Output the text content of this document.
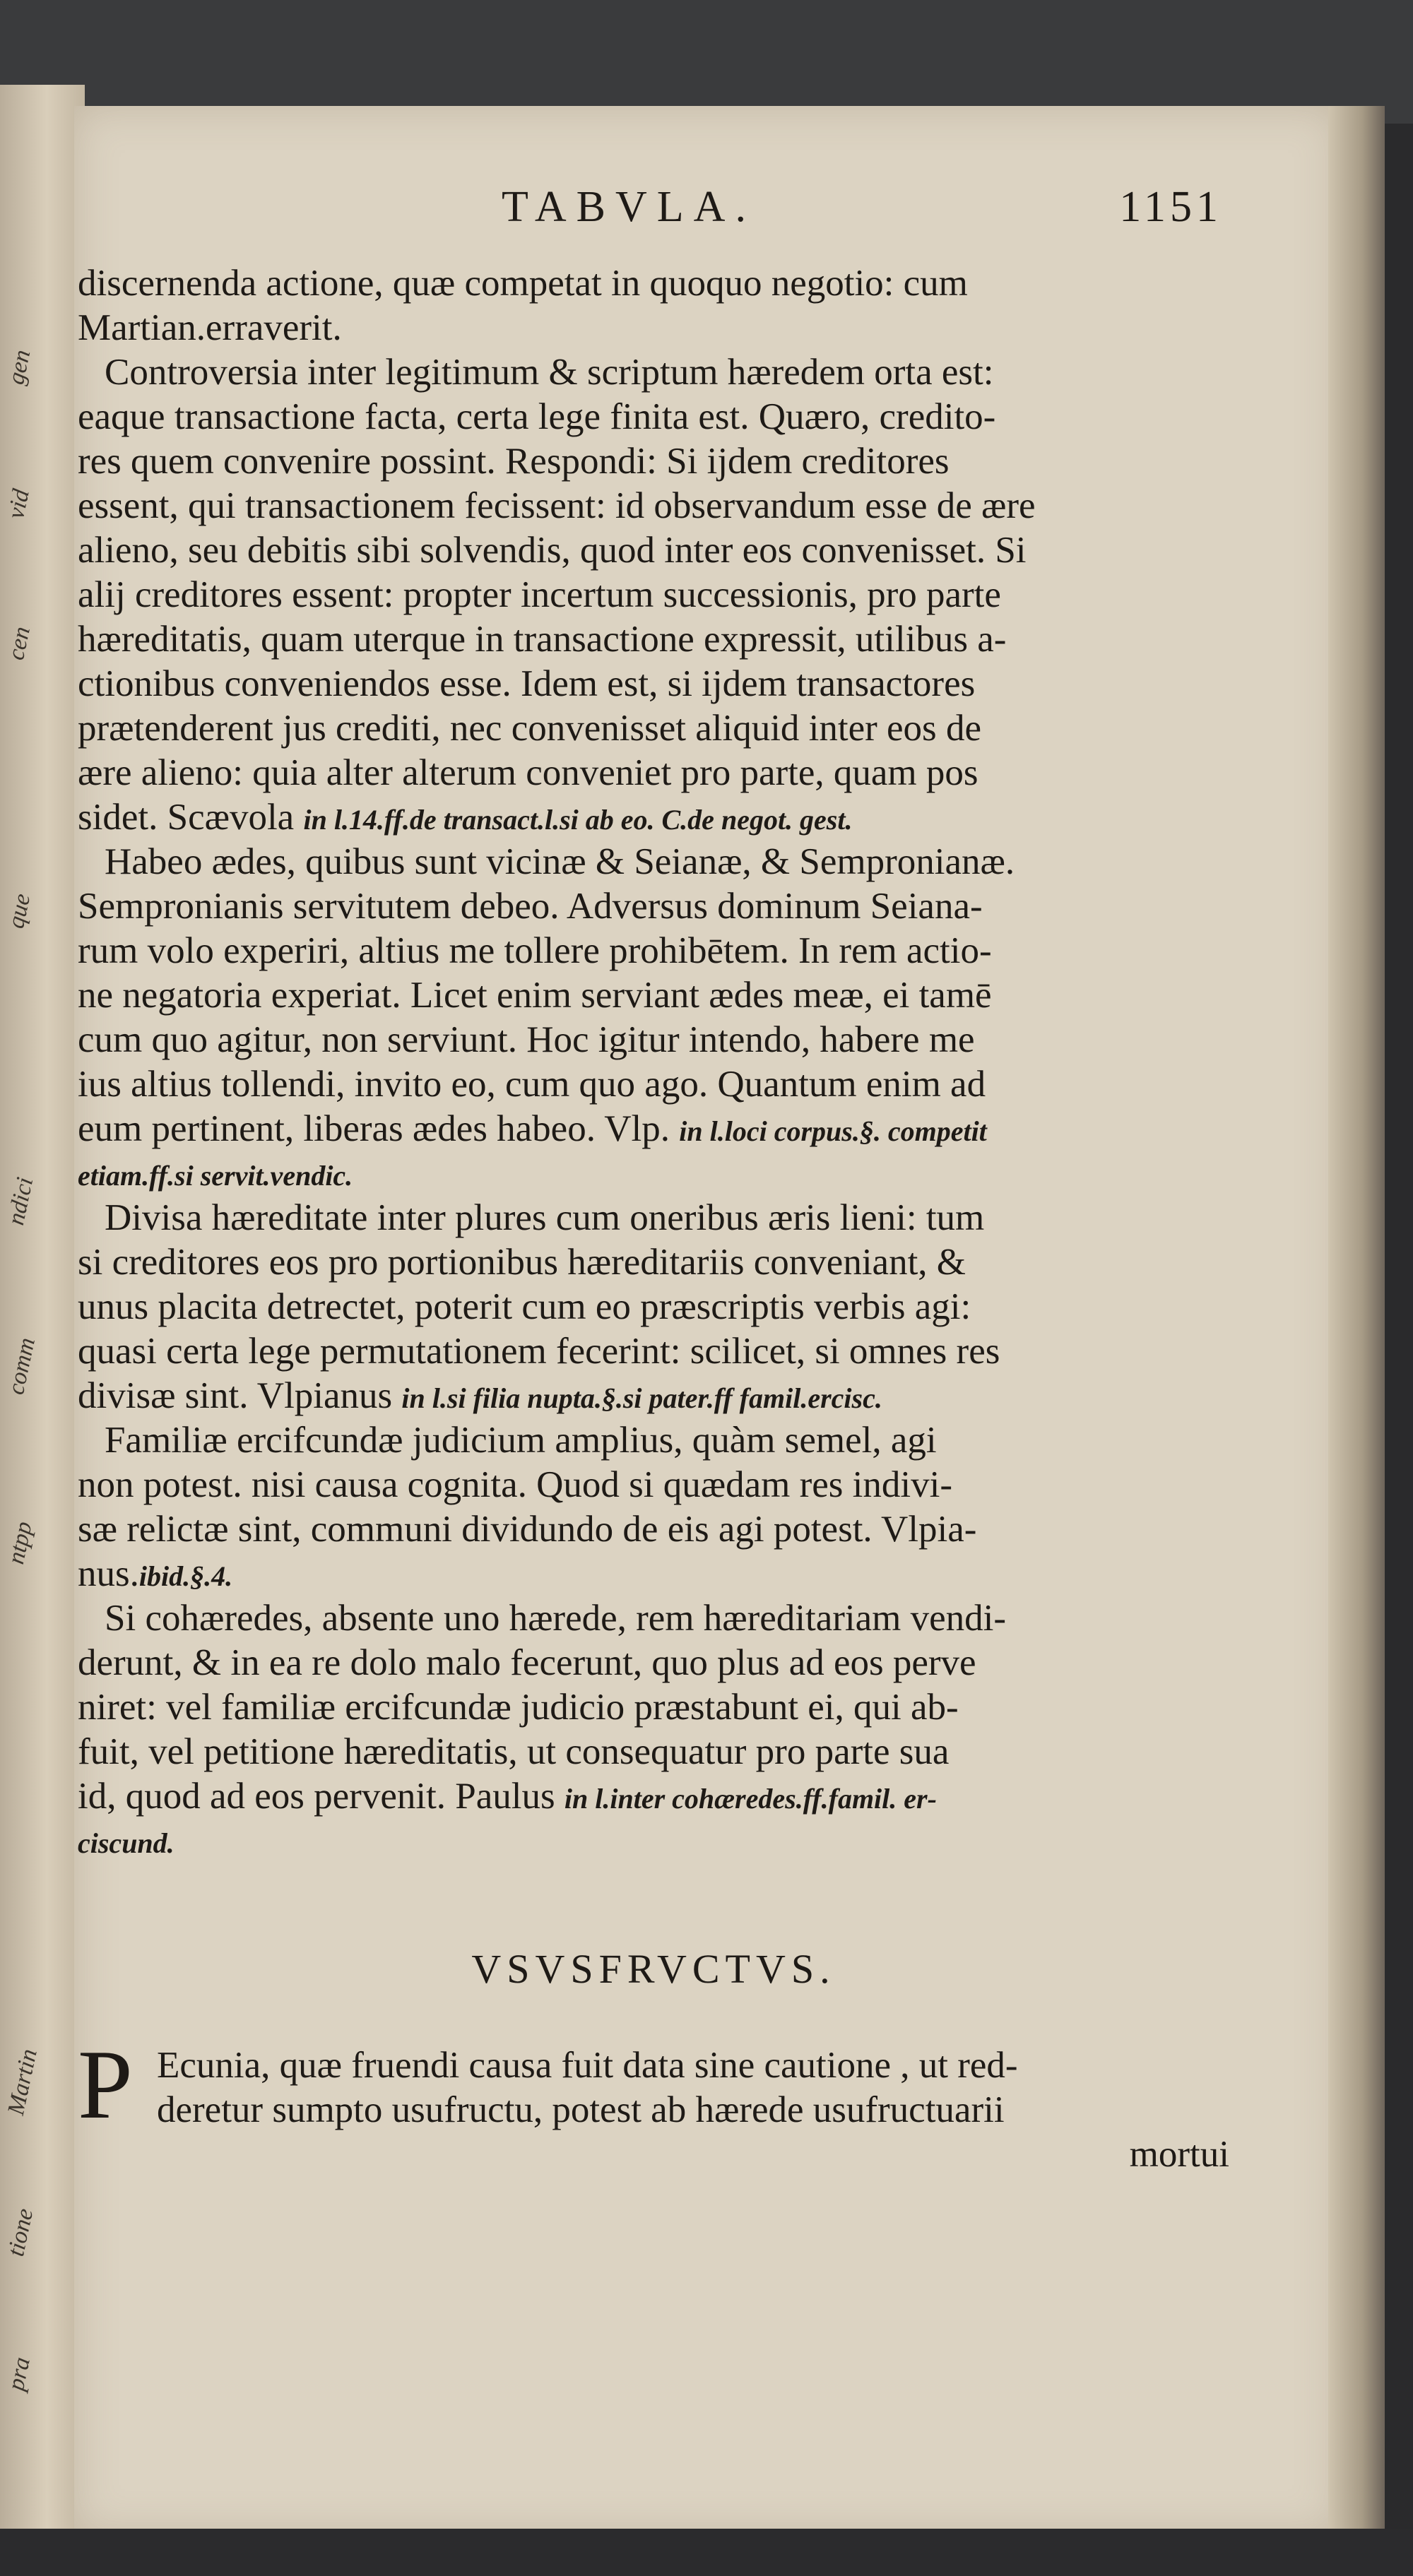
gen
vid
cen
que
ndici
comm
ntpp
Martin
tione
pra
TABVLA.	1151
discernenda actione, quæ competat in quoquo negotio: cum
Martian.erraverit.
Controversia inter legitimum & scriptum hæredem orta est:
eaque transactione facta, certa lege finita est. Quæro, credito-
res quem convenire possint. Respondi: Si ijdem creditores
essent, qui transactionem fecissent: id observandum esse de ære
alieno, seu debitis sibi solvendis, quod inter eos convenisset. Si
alij creditores essent: propter incertum successionis, pro parte
hæreditatis, quam uterque in transactione expressit, utilibus a-
ctionibus conveniendos esse. Idem est, si ijdem transactores
prætenderent jus crediti, nec convenisset aliquid inter eos de
ære alieno: quia alter alterum conveniet pro parte, quam pos
sidet. Scævola in l.14.ff.de transact.l.si ab eo. C.de negot. gest.
Habeo ædes, quibus sunt vicinæ & Seianæ, & Sempronianæ.
Sempronianis servitutem debeo. Adversus dominum Seiana-
rum volo experiri, altius me tollere prohibētem. In rem actio-
ne negatoria experiat. Licet enim serviant ædes meæ, ei tamē
cum quo agitur, non serviunt. Hoc igitur intendo, habere me
ius altius tollendi, invito eo, cum quo ago. Quantum enim ad
eum pertinent, liberas ædes habeo. Vlp. in l.loci corpus.§. competit
etiam.ff.si servit.vendic.
Divisa hæreditate inter plures cum oneribus æris lieni: tum
si creditores eos pro portionibus hæreditariis conveniant, &
unus placita detrectet, poterit cum eo præscriptis verbis agi:
quasi certa lege permutationem fecerint: scilicet, si omnes res
divisæ sint. Vlpianus in l.si filia nupta.§.si pater.ff famil.ercisc.
Familiæ ercifcundæ judicium amplius, quàm semel, agi
non potest. nisi causa cognita. Quod si quædam res indivi-
sæ relictæ sint, communi dividundo de eis agi potest. Vlpia-
nus.ibid.§.4.
Si cohæredes, absente uno hærede, rem hæreditariam vendi-
derunt, & in ea re dolo malo fecerunt, quo plus ad eos perve
niret: vel familiæ ercifcundæ judicio præstabunt ei, qui ab-
fuit, vel petitione hæreditatis, ut consequatur pro parte sua
id, quod ad eos pervenit. Paulus in l.inter cohæredes.ff.famil. er-
ciscund.
VSVSFRVCTVS.
P Ecunia, quæ fruendi causa fuit data sine cautione , ut red-
deretur sumpto usufructu, potest ab hærede usufructuarii
mortui
